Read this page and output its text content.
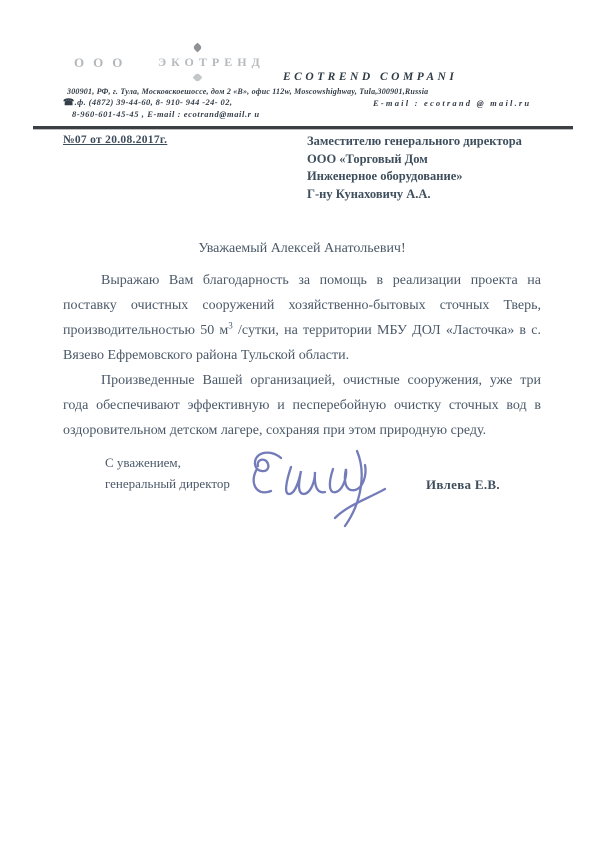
ООО ЭКОТРЕНД
ECOTREND COMPANI
300901, РФ, г. Тула, Московскоешоссе, дом 2 «В», офис 112w, Moscowshighway, Tula,300901,Russia
☎.ф. (4872) 39-44-60, 8- 910- 944 -24- 02,	E-mail : ecotrand @ mail.ru
8-960-601-45-45 , E-mail : ecotrand@mail.r u
№07 от 20.08.2017г.	Заместителю генерального директора
ООО «Торговый Дом
Инженерное оборудование»
Г-ну Кунаховичу А.А.
Уважаемый Алексей Анатольевич!
Выражаю Вам благодарность за помощь в реализации проекта на
поставку очистных сооружений хозяйственно-бытовых сточных Тверь,
производительностью 50 $м^3$ /сутки, на территории МБУ ДОЛ «Ласточка» в с.
Вязево Ефремовского района Тульской области.
Произведенные Вашей организацией, очистные сооружения, уже три
года обеспечивают эффективную и песперебойную очистку сточных вод в
оздоровительном детском лагере, сохраняя при этом природную среду.
С уважением,
генеральный директор	Ивлева Е.В.
